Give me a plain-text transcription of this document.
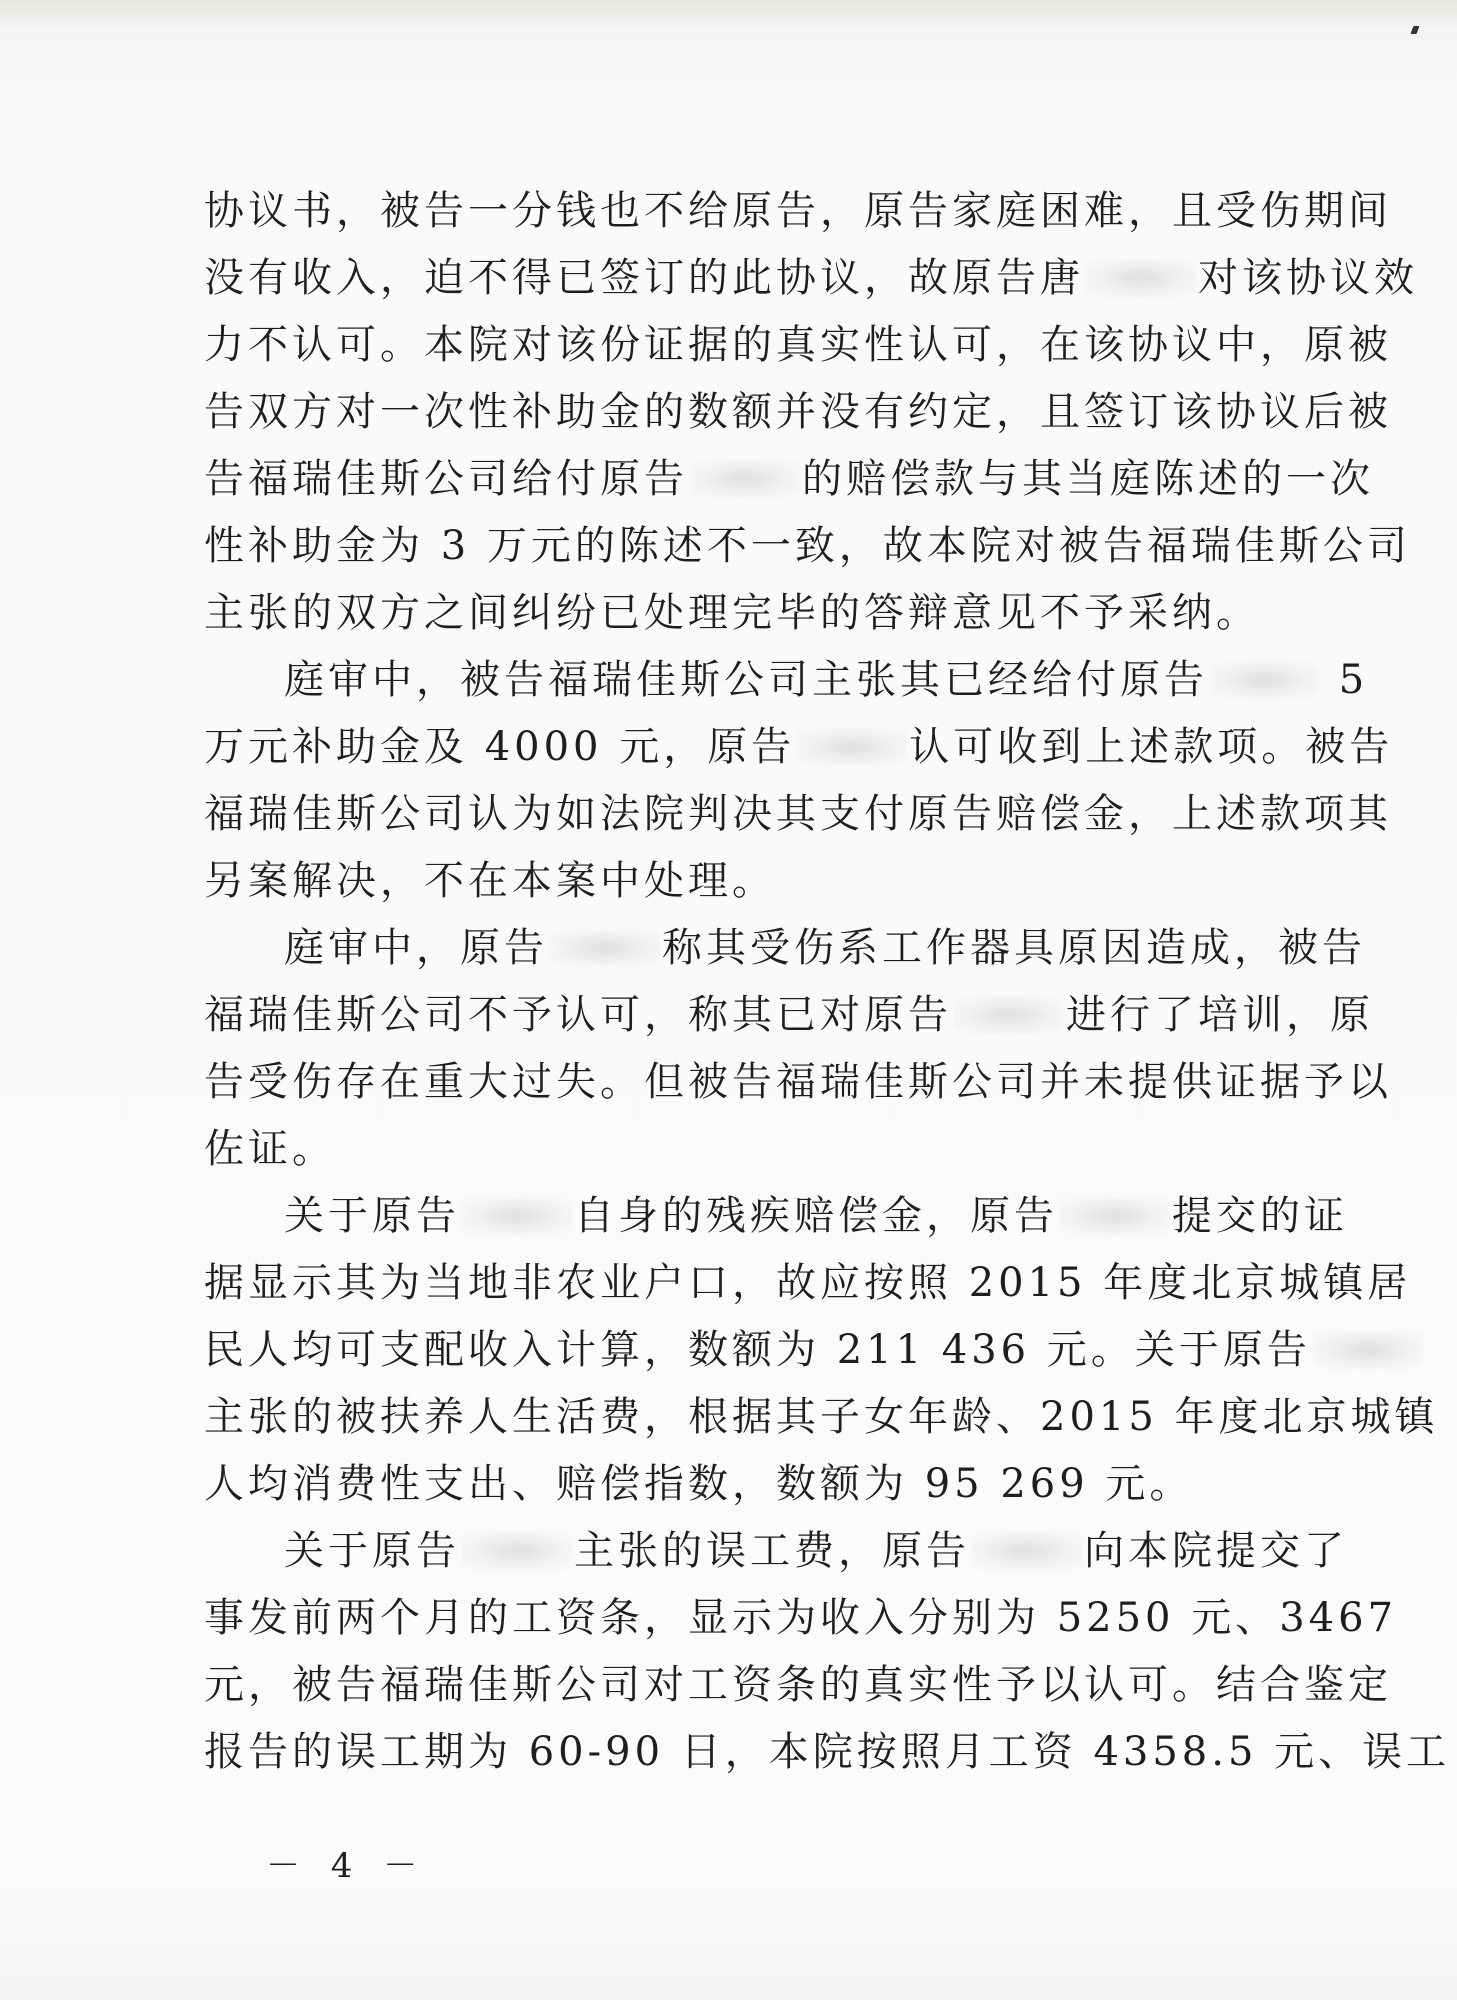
协议书，被告一分钱也不给原告，原告家庭困难，且受伤期间
没有收入，迫不得已签订的此协议，故原告唐	对该协议效
力不认可。本院对该份证据的真实性认可，在该协议中，原被
告双方对一次性补助金的数额并没有约定，且签订该协议后被
告福瑞佳斯公司给付原告	的赔偿款与其当庭陈述的一次
性补助金为 3 万元的陈述不一致，故本院对被告福瑞佳斯公司
主张的双方之间纠纷已处理完毕的答辩意见不予采纳。
庭审中，被告福瑞佳斯公司主张其已经给付原告	5
万元补助金及 4000 元，原告	认可收到上述款项。被告
福瑞佳斯公司认为如法院判决其支付原告赔偿金，上述款项其
另案解决，不在本案中处理。
庭审中，原告	称其受伤系工作器具原因造成，被告
福瑞佳斯公司不予认可，称其已对原告	进行了培训，原
告受伤存在重大过失。但被告福瑞佳斯公司并未提供证据予以
佐证。
关于原告	自身的残疾赔偿金，原告	提交的证
据显示其为当地非农业户口，故应按照 2015 年度北京城镇居
民人均可支配收入计算，数额为 211 436 元。关于原告
主张的被扶养人生活费，根据其子女年龄、2015 年度北京城镇
人均消费性支出、赔偿指数，数额为 95 269 元。
关于原告	主张的误工费，原告	向本院提交了
事发前两个月的工资条，显示为收入分别为 5250 元、3467
元，被告福瑞佳斯公司对工资条的真实性予以认可。结合鉴定
报告的误工期为 60-90 日，本院按照月工资 4358.5 元、误工
－ 4 －
